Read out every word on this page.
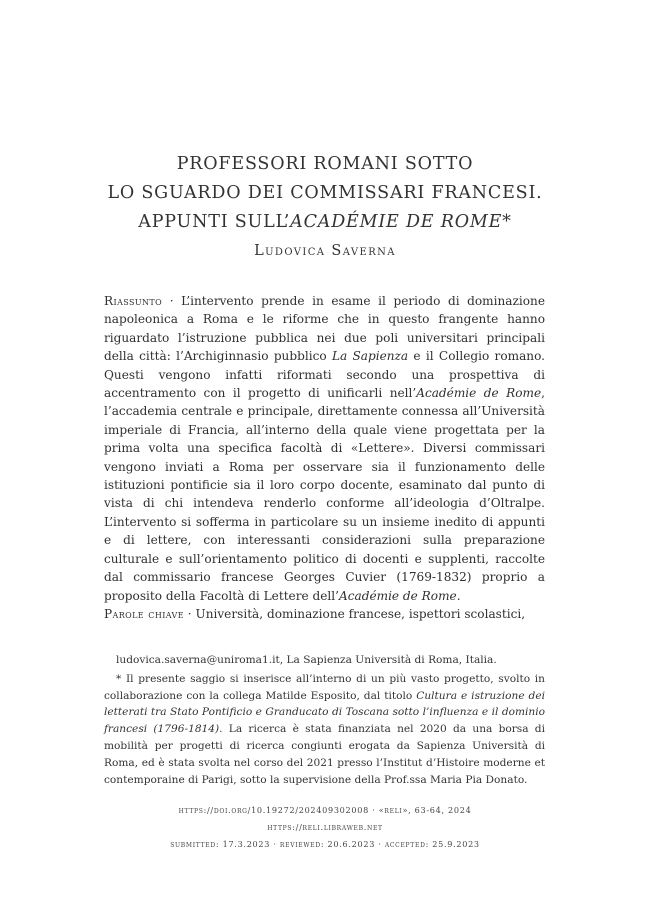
PROFESSORI ROMANI SOTTO
LO SGUARDO DEI COMMISSARI FRANCESI.
APPUNTI SULL’ACADÉMIE DE ROME*
Ludovica Saverna

Riassunto · L’intervento prende in esame il periodo di dominazione napoleonica a Roma e le riforme che in questo frangente hanno riguardato l’istruzione pubblica nei due poli universitari principali della città: l’Archiginnasio pubblico La Sapienza e il Collegio romano. Questi vengono infatti riformati secondo una prospettiva di accentramento con il progetto di unificarli nell’Académie de Rome, l’accademia centrale e principale, direttamente connessa all’Università imperiale di Francia, all’interno della quale viene progettata per la prima volta una specifica facoltà di «Lettere». Diversi commissari vengono inviati a Roma per osservare sia il funzionamento delle istituzioni pontificie sia il loro corpo docente, esaminato dal punto di vista di chi intendeva renderlo conforme all’ideologia d’Oltralpe. L’intervento si sofferma in particolare su un insieme inedito di appunti e di lettere, con interessanti considerazioni sulla preparazione culturale e sull’orientamento politico di docenti e supplenti, raccolte dal commissario francese Georges Cuvier (1769-1832) proprio a proposito della Facoltà di Lettere dell’Académie de Rome.

Parole chiave · Università, dominazione francese, ispettori scolastici,
ludovica.saverna@uniroma1.it, La Sapienza Università di Roma, Italia.

* Il presente saggio si inserisce all’interno di un più vasto progetto, svolto in collaborazione con la collega Matilde Esposito, dal titolo Cultura e istruzione dei letterati tra Stato Pontificio e Granducato di Toscana sotto l’influenza e il dominio francesi (1796-1814). La ricerca è stata finanziata nel 2020 da una borsa di mobilità per progetti di ricerca congiunti erogata da Sapienza Università di Roma, ed è stata svolta nel corso del 2021 presso l’Institut d’Histoire moderne et contemporaine di Parigi, sotto la supervisione della Prof.ssa Maria Pia Donato.

https://doi.org/10.19272/202409302008 · «reli», 63-64, 2024
https://reli.libraweb.net
submitted: 17.3.2023 · reviewed: 20.6.2023 · accepted: 25.9.2023
